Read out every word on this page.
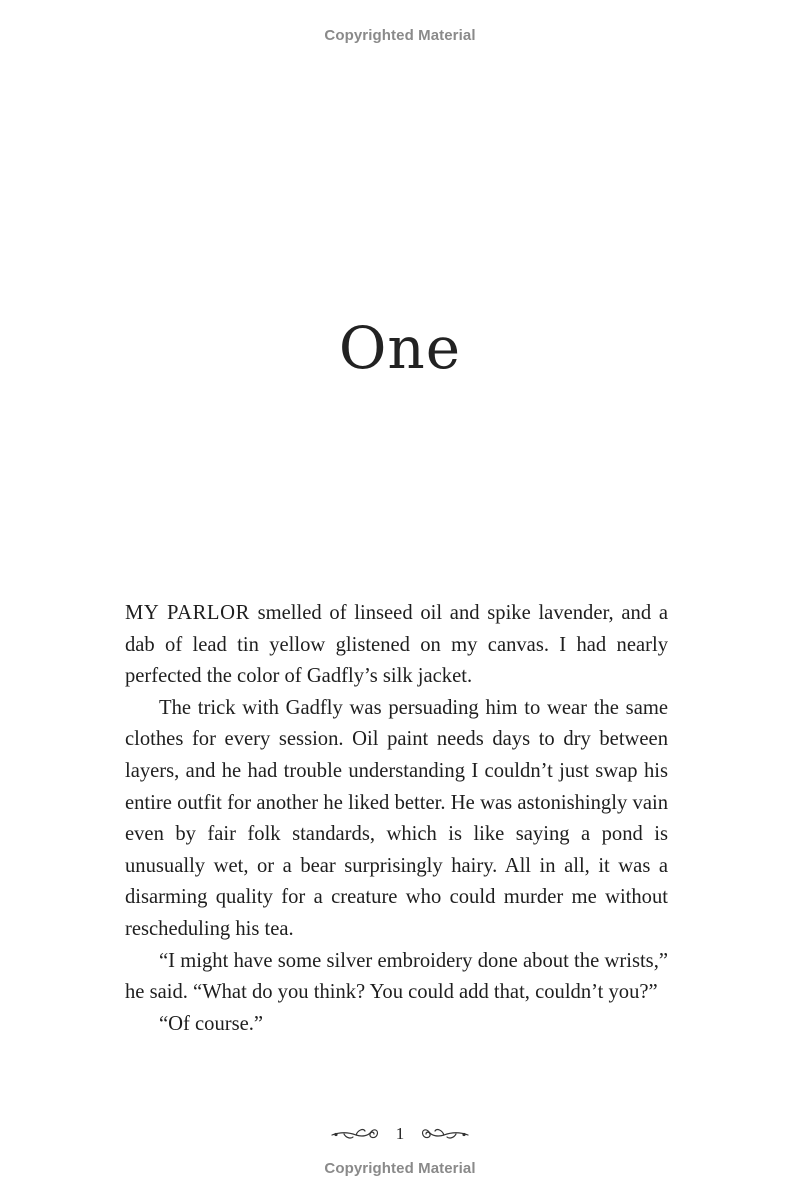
Copyrighted Material
One

MY PARLOR smelled of linseed oil and spike lavender, and a dab of lead tin yellow glistened on my canvas. I had nearly perfected the color of Gadfly’s silk jacket.

The trick with Gadfly was persuading him to wear the same clothes for every session. Oil paint needs days to dry between layers, and he had trouble understanding I couldn’t just swap his entire outfit for another he liked better. He was astonishingly vain even by fair folk standards, which is like saying a pond is unusually wet, or a bear surprisingly hairy. All in all, it was a disarming quality for a creature who could murder me without rescheduling his tea.

“I might have some silver embroidery done about the wrists,” he said. “What do you think? You could add that, couldn’t you?”

“Of course.”

1
Copyrighted Material
